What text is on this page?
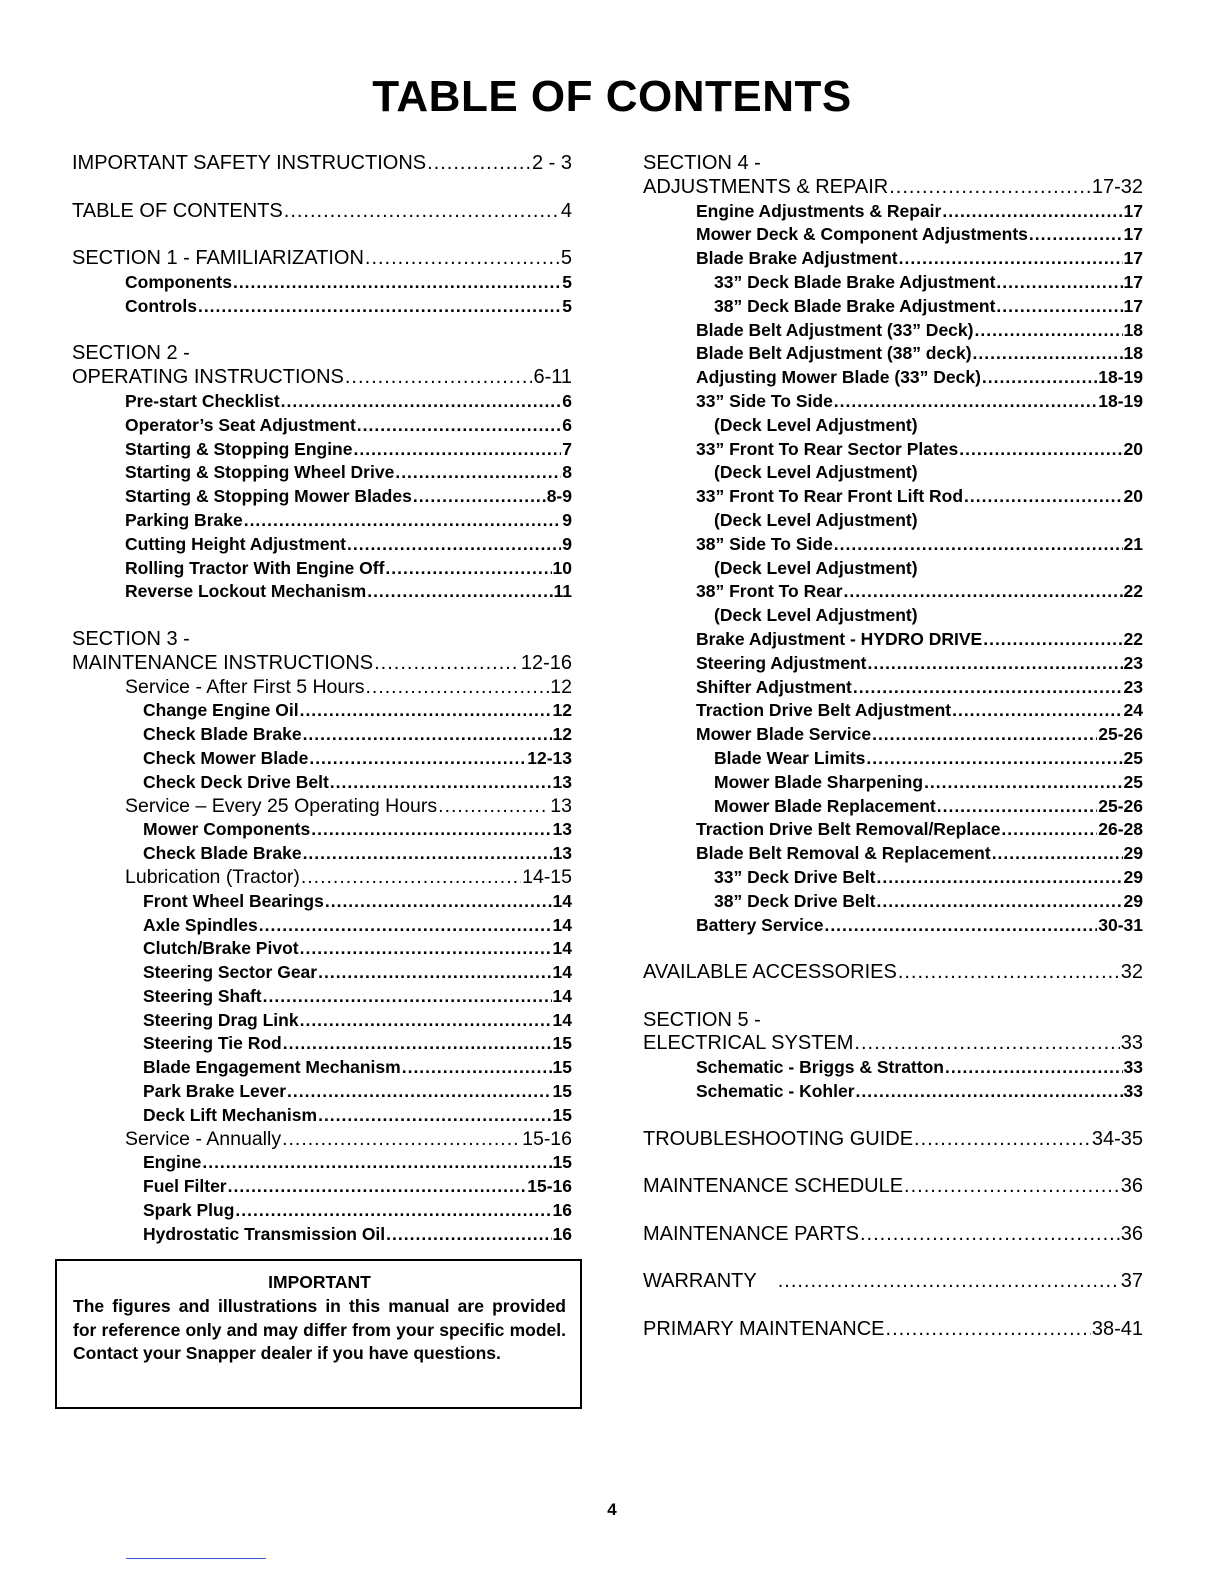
TABLE OF CONTENTS
IMPORTANT SAFETY INSTRUCTIONS .....	2 - 3
TABLE OF CONTENTS .....	4
SECTION 1 - FAMILIARIZATION .....	5
Components .....	5
Controls .....	5
SECTION 2 -
OPERATING INSTRUCTIONS .....	6-11
Pre-start Checklist .....	6
Operator’s Seat Adjustment .....	6
Starting & Stopping Engine .....	7
Starting & Stopping Wheel Drive .....	8
Starting & Stopping Mower Blades .....	8-9
Parking Brake .....	9
Cutting Height Adjustment .....	9
Rolling Tractor With Engine Off .....	10
Reverse Lockout Mechanism .....	11
SECTION 3 -
MAINTENANCE INSTRUCTIONS .....	12-16
Service - After First 5 Hours .....	12
Change Engine Oil .....	12
Check Blade Brake .....	12
Check Mower Blade .....	12-13
Check Deck Drive Belt .....	13
Service – Every 25 Operating Hours .....	13
Mower Components .....	13
Check Blade Brake .....	13
Lubrication (Tractor) .....	14-15
Front Wheel Bearings .....	14
Axle Spindles .....	14
Clutch/Brake Pivot .....	14
Steering Sector Gear .....	14
Steering Shaft .....	14
Steering Drag Link .....	14
Steering Tie Rod .....	15
Blade Engagement Mechanism .....	15
Park Brake Lever .....	15
Deck Lift Mechanism .....	15
Service - Annually .....	15-16
Engine .....	15
Fuel Filter .....	15-16
Spark Plug .....	16
Hydrostatic Transmission Oil .....	16
IMPORTANT
The figures and illustrations in this manual are provided for reference only and may differ from your specific model. Contact your Snapper dealer if you have questions.
SECTION 4 -
ADJUSTMENTS & REPAIR .....	17-32
Engine Adjustments & Repair .....	17
Mower Deck & Component Adjustments .....	17
Blade Brake Adjustment .....	17
33” Deck Blade Brake Adjustment .....	17
38” Deck Blade Brake Adjustment .....	17
Blade Belt Adjustment (33” Deck) .....	18
Blade Belt Adjustment (38” deck) .....	18
Adjusting Mower Blade (33” Deck) .....	18-19
33” Side To Side .....	18-19
(Deck Level Adjustment)
33” Front To Rear Sector Plates .....	20
(Deck Level Adjustment)
33” Front To Rear Front Lift Rod .....	20
(Deck Level Adjustment)
38” Side To Side .....	21
(Deck Level Adjustment)
38” Front To Rear .....	22
(Deck Level Adjustment)
Brake Adjustment - HYDRO DRIVE .....	22
Steering Adjustment .....	23
Shifter Adjustment .....	23
Traction Drive Belt Adjustment .....	24
Mower Blade Service .....	25-26
Blade Wear Limits .....	25
Mower Blade Sharpening .....	25
Mower Blade Replacement .....	25-26
Traction Drive Belt Removal/Replace .....	26-28
Blade Belt Removal & Replacement .....	29
33” Deck Drive Belt .....	29
38” Deck Drive Belt .....	29
Battery Service .....	30-31
AVAILABLE ACCESSORIES .....	32
SECTION 5 -
ELECTRICAL SYSTEM .....	33
Schematic - Briggs & Stratton .....	33
Schematic - Kohler .....	33
TROUBLESHOOTING GUIDE .....	34-35
MAINTENANCE SCHEDULE .....	36
MAINTENANCE PARTS .....	36
WARRANTY .....	37
PRIMARY MAINTENANCE .....	38-41
4
